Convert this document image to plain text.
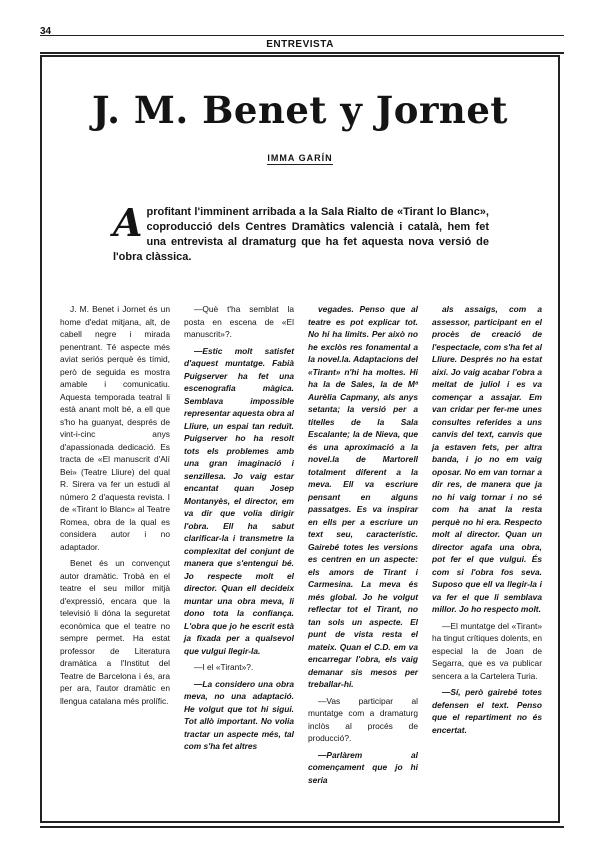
34
ENTREVISTA
J. M. Benet y Jornet
IMMA GARÍN
Aprofitant l'imminent arribada a la Sala Rialto de «Tirant lo Blanc», coproducció dels Centres Dramàtics valencià i català, hem fet una entrevista al dramaturg que ha fet aquesta nova versió de l'obra clàssica.

J. M. Benet i Jornet és un home d'edat mitjana, alt, de cabell negre i mirada penentrant. Té aspecte més aviat seriós perquè és tímid, però de seguida es mostra amable i comunicatiu. Aquesta temporada teatral li està anant molt bé, a ell que s'ho ha guanyat, després de vint-i-cinc anys d'apassionada dedicació. Es tracta de «El manuscrit d'Alí Bei» (Teatre Lliure) del qual R. Sirera va fer un estudi al número 2 d'aquesta revista. I de «Tirant lo Blanc» al Teatre Romea, obra de la qual es considera autor i no adaptador.

Benet és un convençut autor dramàtic. Trobà en el teatre el seu millor mitjà d'expressió, encara que la televisió li dóna la seguretat econòmica que el teatre no sempre permet. Ha estat professor de Literatura dramàtica a l'Institut del Teatre de Barcelona i és, ara per ara, l'autor dramàtic en llengua catalana més prolífic.

—Què t'ha semblat la posta en escena de «El manuscrit»?.

—Estic molt satisfet d'aquest muntatge. Fabià Puigserver ha fet una escenografia màgica. Semblava impossible representar aquesta obra al Lliure, un espai tan reduït. Puigserver ho ha resolt tots els problemes amb una gran imaginació i senzillesa. Jo vaig estar encantat quan Josep Montanyès, el director, em va dir que volia dirigir l'obra. Ell ha sabut clarificar-la i transmetre la complexitat del conjunt de manera que s'entengui bé. Jo respecte molt el director. Quan ell decideix muntar una obra meva, li dono tota la confiança. L'obra que jo he escrit està ja fixada per a qualsevol que vulgui llegir-la.

—I el «Tirant»?.

—La considero una obra meva, no una adaptació. He volgut que tot hi sigui. Tot allò important. No volia tractar un aspecte més, tal com s'ha fet altres

vegades. Penso que al teatre es pot explicar tot. No hi ha límits. Per això no he exclòs res fonamental a la novel.la. Adaptacions del «Tirant» n'hi ha moltes. Hi ha la de Sales, la de Mª Aurèlia Capmany, als anys setanta; la versió per a titelles de la Sala Escalante; la de Nieva, que és una aproximació a la novel.la de Martorell totalment diferent a la meva. Ell va escriure pensant en alguns passatges. Es va inspirar en ells per a escriure un text seu, característic. Gairebé totes les versions es centren en un aspecte: els amors de Tirant i Carmesina. La meva és més global. Jo he volgut reflectar tot el Tirant, no tan sols un aspecte. El punt de vista resta el mateix. Quan el C.D. em va encarregar l'obra, els vaig demanar sis mesos per treballar-hi.

—Vas participar al muntatge com a dramaturg inclòs al procés de producció?.

—Parlàrem al començament que jo hi seria

als assaigs, com a assessor, participant en el procès de creació de l'espectacle, com s'ha fet al Lliure. Després no ha estat així. Jo vaig acabar l'obra a meitat de juliol i es va començar a assajar. Em van cridar per fer-me unes consultes referides a uns canvis del text, canvis que ja estaven fets, per altra banda, i jo no em vaig oposar. No em van tornar a dir res, de manera que ja no hi vaig tornar i no sé com ha anat la resta perquè no hi era. Respecto molt al director. Quan un director agafa una obra, pot fer el que vulgui. És com si l'obra fos seva. Suposo que ell va llegir-la i va fer el que li semblava millor. Jo ho respecto molt.

—El muntatge del «Tirant» ha tingut crítiques dolents, en especial la de Joan de Segarra, que es va publicar sencera a la Cartelera Turia.

—Sí, però gairebé totes defensen el text. Penso que el repartiment no és encertat.
